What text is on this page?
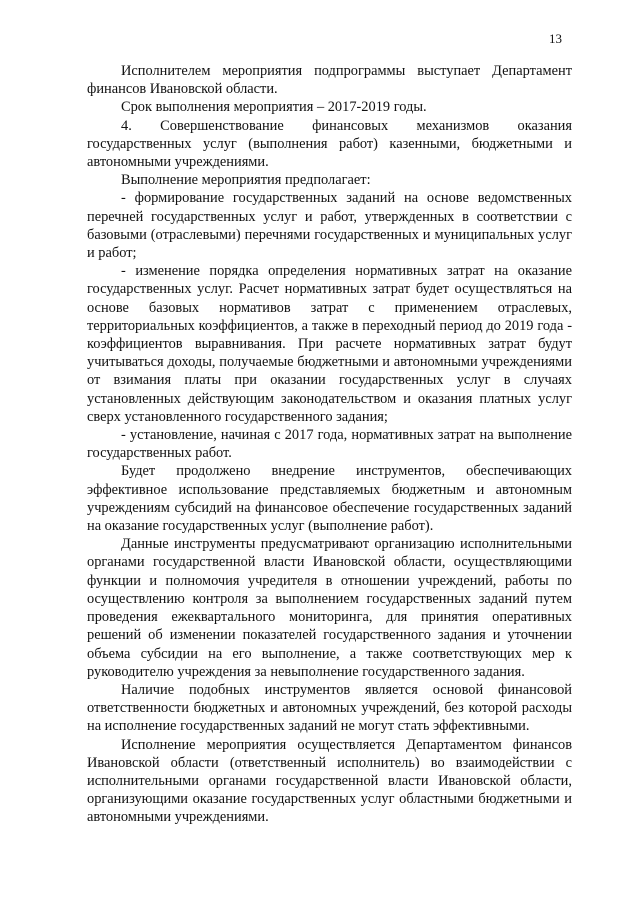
13

Исполнителем мероприятия подпрограммы выступает Департамент финансов Ивановской области.

Срок выполнения мероприятия – 2017-2019 годы.

4. Совершенствование финансовых механизмов оказания государственных услуг (выполнения работ) казенными, бюджетными и автономными учреждениями.

Выполнение мероприятия предполагает:

- формирование государственных заданий на основе ведомственных перечней государственных услуг и работ, утвержденных в соответствии с базовыми (отраслевыми) перечнями государственных и муниципальных услуг и работ;

- изменение порядка определения нормативных затрат на оказание государственных услуг. Расчет нормативных затрат будет осуществляться на основе базовых нормативов затрат с применением отраслевых, территориальных коэффициентов, а также в переходный период до 2019 года - коэффициентов выравнивания. При расчете нормативных затрат будут учитываться доходы, получаемые бюджетными и автономными учреждениями от взимания платы при оказании государственных услуг в случаях установленных действующим законодательством и оказания платных услуг сверх установленного государственного задания;

- установление, начиная с 2017 года, нормативных затрат на выполнение государственных работ.

Будет продолжено внедрение инструментов, обеспечивающих эффективное использование представляемых бюджетным и автономным учреждениям субсидий на финансовое обеспечение государственных заданий на оказание государственных услуг (выполнение работ).

Данные инструменты предусматривают организацию исполнительными органами государственной власти Ивановской области, осуществляющими функции и полномочия учредителя в отношении учреждений, работы по осуществлению контроля за выполнением государственных заданий путем проведения ежеквартального мониторинга, для принятия оперативных решений об изменении показателей государственного задания и уточнении объема субсидии на его выполнение, а также соответствующих мер к руководителю учреждения за невыполнение государственного задания.

Наличие подобных инструментов является основой финансовой ответственности бюджетных и автономных учреждений, без которой расходы на исполнение государственных заданий не могут стать эффективными.

Исполнение мероприятия осуществляется Департаментом финансов Ивановской области (ответственный исполнитель) во взаимодействии с исполнительными органами государственной власти Ивановской области, организующими оказание государственных услуг областными бюджетными и автономными учреждениями.
